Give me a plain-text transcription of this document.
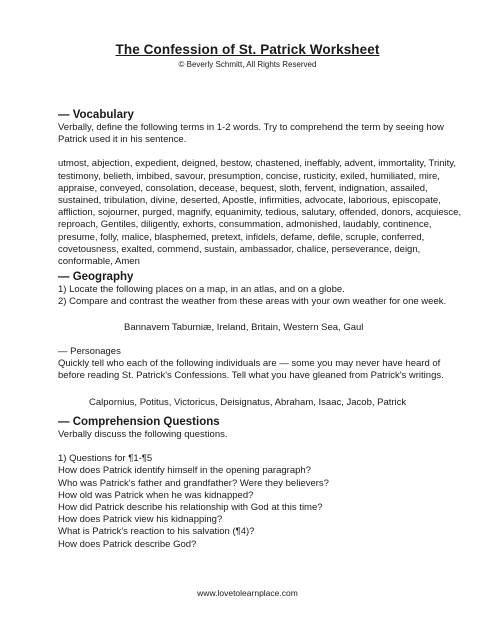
The Confession of St. Patrick Worksheet
© Beverly Schmitt, All Rights Reserved

— Vocabulary

Verbally, define the following terms in 1-2 words. Try to comprehend the term by seeing how

Patrick used it in his sentence.

utmost, abjection, expedient, deigned, bestow, chastened, ineffably, advent, immortality, Trinity,

testimony, belieth, imbibed, savour, presumption, concise, rusticity, exiled, humiliated, mire,

appraise, conveyed, consolation, decease, bequest, sloth, fervent, indignation, assailed,

sustained, tribulation, divine, deserted, Apostle, infirmities, advocate, laborious, episcopate,

affliction, sojourner, purged, magnify, equanimity, tedious, salutary, offended, donors, acquiesce,

reproach, Gentiles, diligently, exhorts, consummation, admonished, laudably, continence,

presume, folly, malice, blasphemed, pretext, infidels, defame, defile, scruple, conferred,

covetousness, exalted, commend, sustain, ambassador, chalice, perseverance, deign,

conformable, Amen

— Geography

1) Locate the following places on a map, in an atlas, and on a globe.

2) Compare and contrast the weather from these areas with your own weather for one week.

Bannavem Taburniæ, Ireland, Britain, Western Sea, Gaul

— Personages

Quickly tell who each of the following individuals are — some you may never have heard of

before reading St. Patrick's Confessions. Tell what you have gleaned from Patrick's writings.

Calpornius, Potitus, Victoricus, Deisignatus, Abraham, Isaac, Jacob, Patrick

— Comprehension Questions

Verbally discuss the following questions.

1) Questions for ¶1-¶5

How does Patrick identify himself in the opening paragraph?

Who was Patrick's father and grandfather? Were they believers?

How old was Patrick when he was kidnapped?

How did Patrick describe his relationship with God at this time?

How does Patrick view his kidnapping?

What is Patrick's reaction to his salvation (¶4)?

How does Patrick describe God?

www.lovetolearnplace.com
